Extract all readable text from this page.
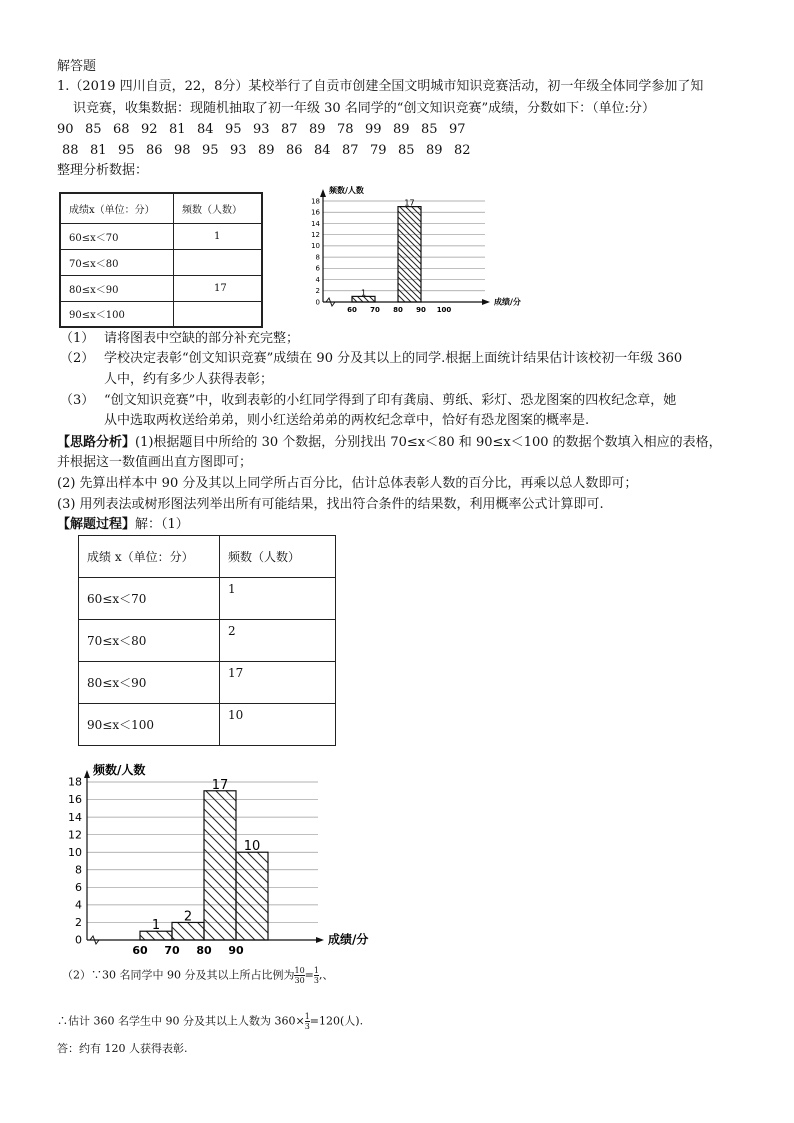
解答题
1.（2019 四川自贡，22，8分）某校举行了自贡市创建全国文明城市知识竞赛活动，初一年级全体同学参加了知
识竞赛，收集数据：现随机抽取了初一年级 30 名同学的“创文知识竞赛”成绩，分数如下：（单位:分）
90 85 68 92 81 84 95 93 87 89 78 99 89 85 97
88 81 95 86 98 95 93 89 86 84 87 79 85 89 82
整理分析数据：
成绩x（单位：分）	频数（人数）
60≤x＜70	1
70≤x＜80	
80≤x＜90	17
90≤x＜100	
0
2
4
6
8
10
12
14
16
18
频数/人数
成绩/分
60 70 80 90 100
1
17
（1） 请将图表中空缺的部分补充完整；
（2） 学校决定表彰“创文知识竞赛”成绩在 90 分及其以上的同学.根据上面统计结果估计该校初一年级 360
人中，约有多少人获得表彰；
（3） “创文知识竞赛”中，收到表彰的小红同学得到了印有龚扇、剪纸、彩灯、恐龙图案的四枚纪念章，她
从中选取两枚送给弟弟，则小红送给弟弟的两枚纪念章中，恰好有恐龙图案的概率是.
【思路分析】(1)根据题目中所给的 30 个数据，分别找出 70≤x＜80 和 90≤x＜100 的数据个数填入相应的表格，
并根据这一数值画出直方图即可；
(2) 先算出样本中 90 分及其以上同学所占百分比，估计总体表彰人数的百分比，再乘以总人数即可；
(3) 用列表法或树形图法列举出所有可能结果，找出符合条件的结果数，利用概率公式计算即可.
【解题过程】解：（1）
成绩 x（单位：分）	频数（人数）
60≤x＜70	1
70≤x＜80	2
80≤x＜90	17
90≤x＜100	10
0
2
4
6
8
10
12
14
16
18
频数/人数
成绩/分
60 70 80 90
1
2
17
10
（2）∵30 名同学中 90 分及其以上所占比例为 $\frac{10}{30} = \frac{1}{3}$ ,、
∴估计 360 名学生中 90 分及其以上人数为 $360\times \frac{1}{3} =120$(人).
答：约有 120 人获得表彰.
